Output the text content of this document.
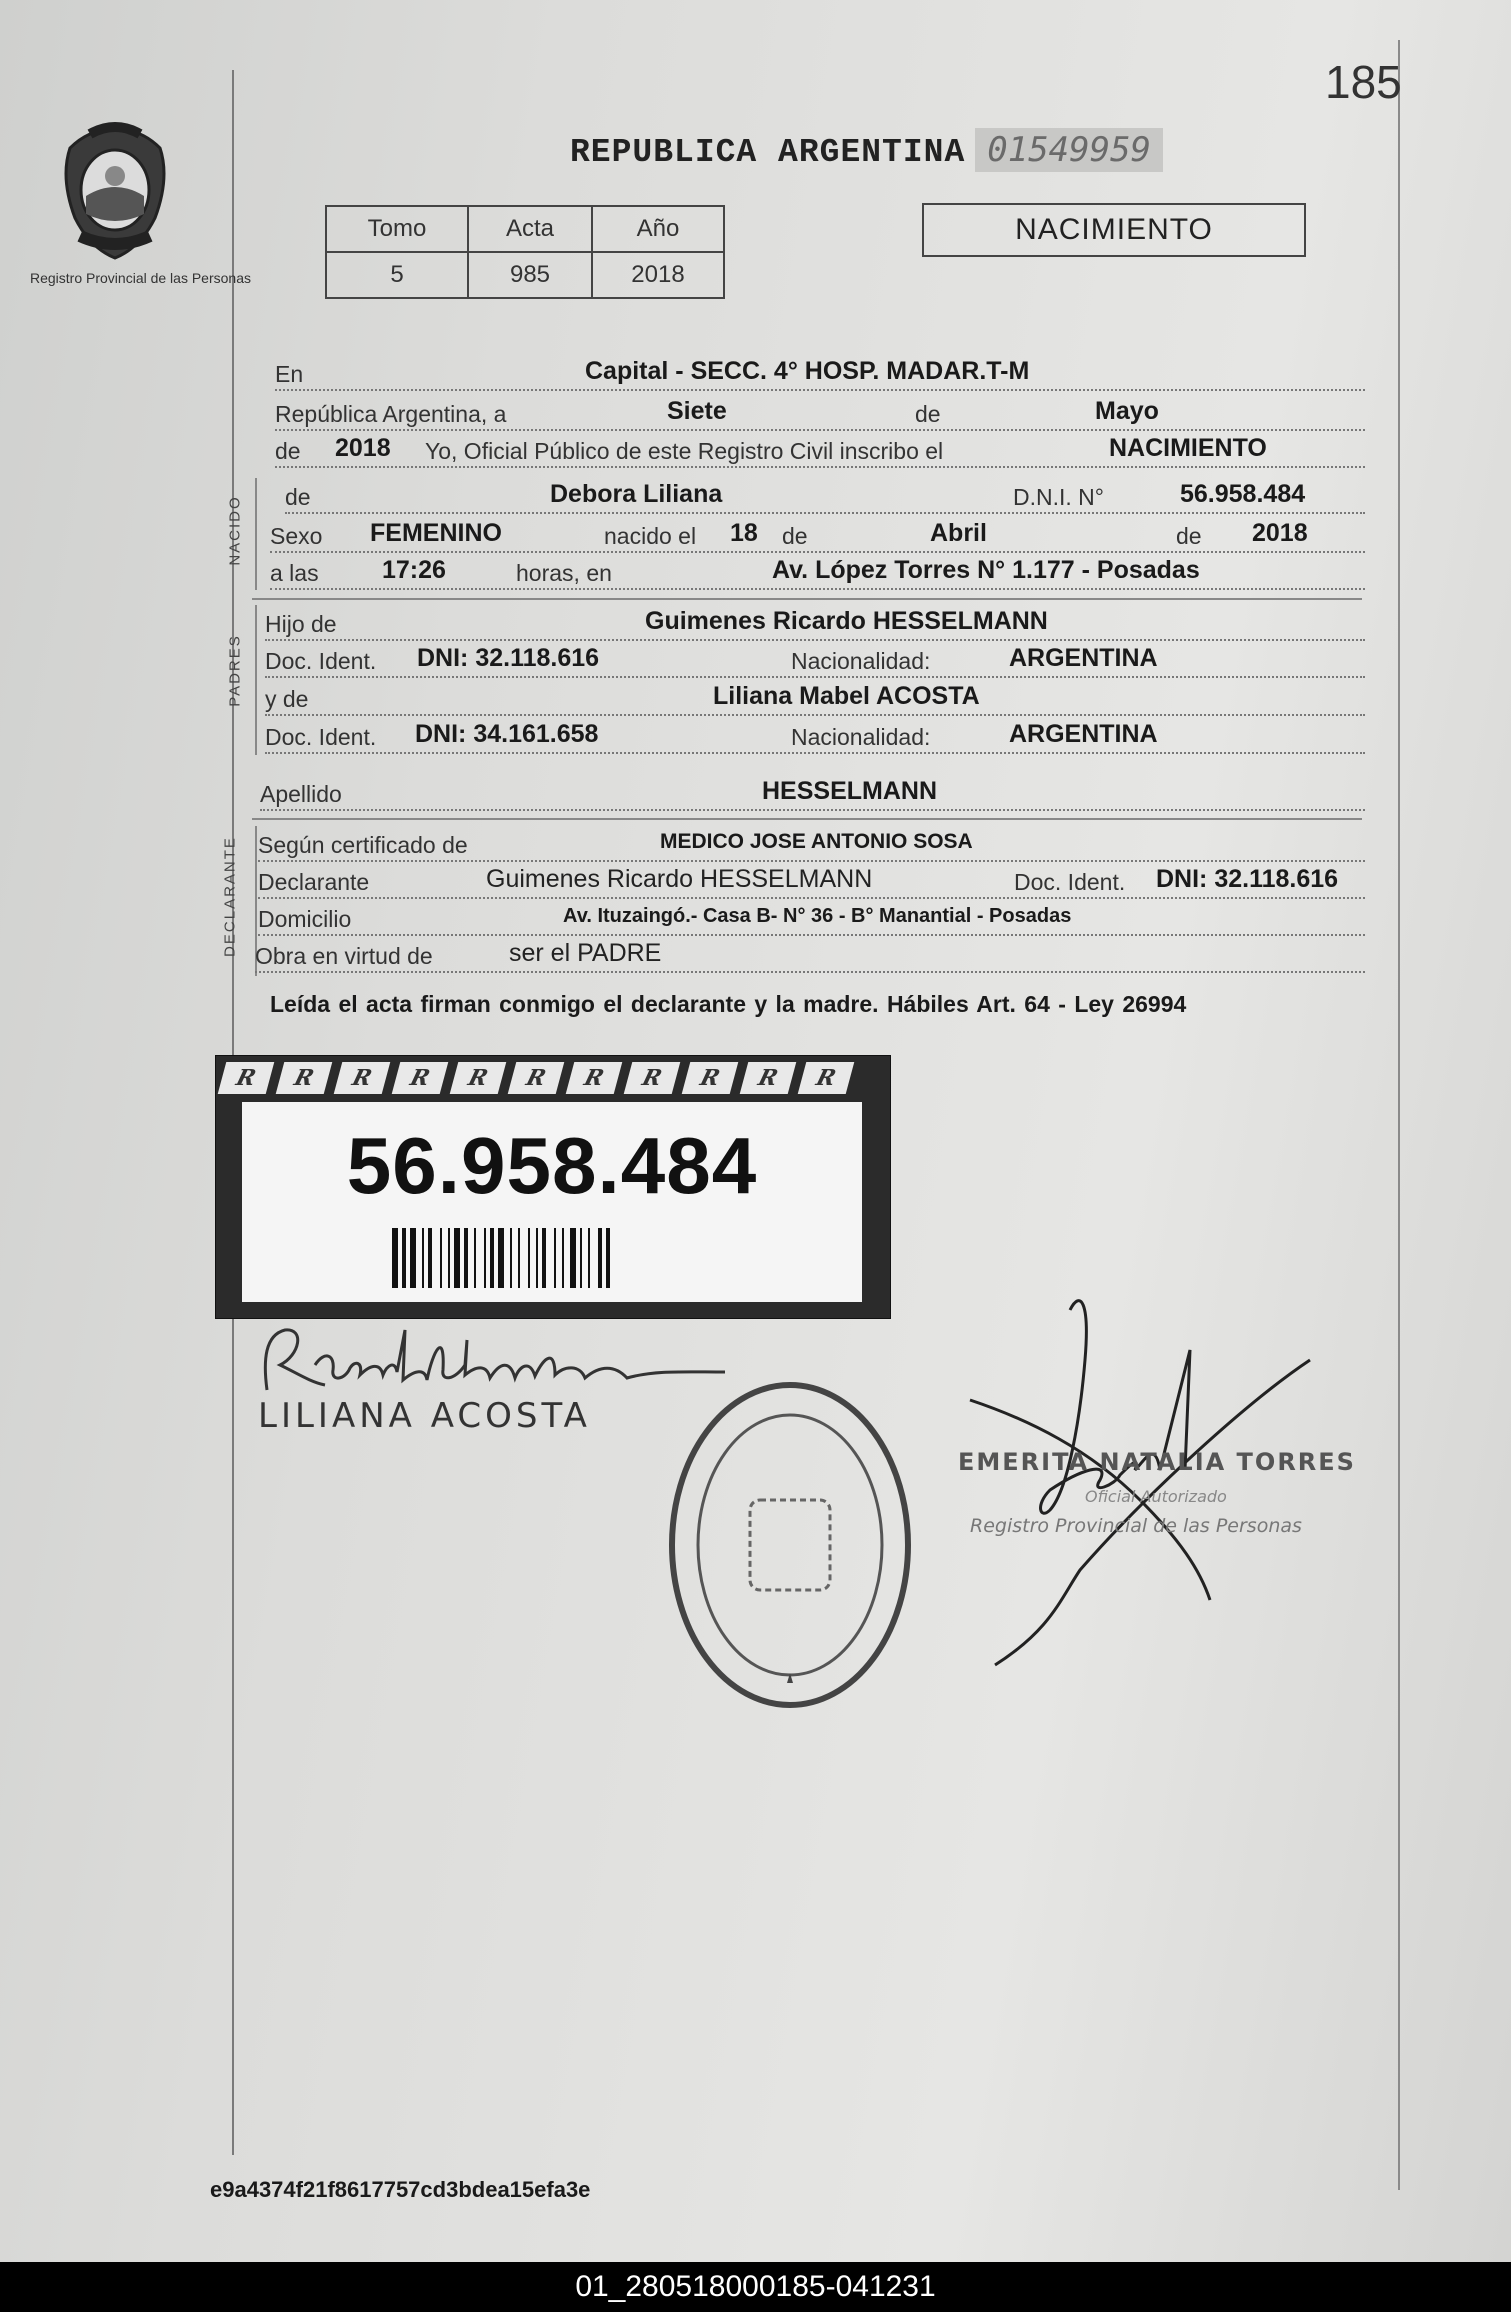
185
Registro Provincial de las Personas
REPUBLICA ARGENTINA 01549959
Tomo	Acta	Año
5	985	2018
NACIMIENTO
En	Capital - SECC. 4° HOSP. MADAR.T-M
República Argentina, a	Siete	de	Mayo
de 2018 Yo, Oficial Público de este Registro Civil inscribo el	NACIMIENTO
NACIDO de	Debora Liliana	D.N.I. N°	56.958.484
Sexo FEMENINO	nacido el 18 de	Abril	de 2018
a las	17:26	horas, en	Av. López Torres N° 1.177 - Posadas
PADRES
Hijo de	Guimenes Ricardo HESSELMANN
Doc. Ident. DNI: 32.118.616	Nacionalidad:	ARGENTINA
y de	Liliana Mabel ACOSTA
Doc. Ident. DNI: 34.161.658	Nacionalidad:	ARGENTINA
Apellido	HESSELMANN
DECLARANTE Según certificado de	MEDICO JOSE ANTONIO SOSA
Declarante	Guimenes Ricardo HESSELMANN	Doc. Ident. DNI: 32.118.616
Domicilio	Av. Ituzaingó.- Casa B- N° 36 - B° Manantial - Posadas
Obra en virtud de	ser el PADRE
Leída el acta firman conmigo el declarante y la madre. Hábiles Art. 64 - Ley 26994
R	R	R	R	R	R	R	R	R	R	R
56.958.484
LILIANA ACOSTA
EMERITA NATALIA TORRES
Oficial Autorizado
Registro Provincial de las Personas
e9a4374f21f8617757cd3bdea15efa3e
01_280518000185-041231
